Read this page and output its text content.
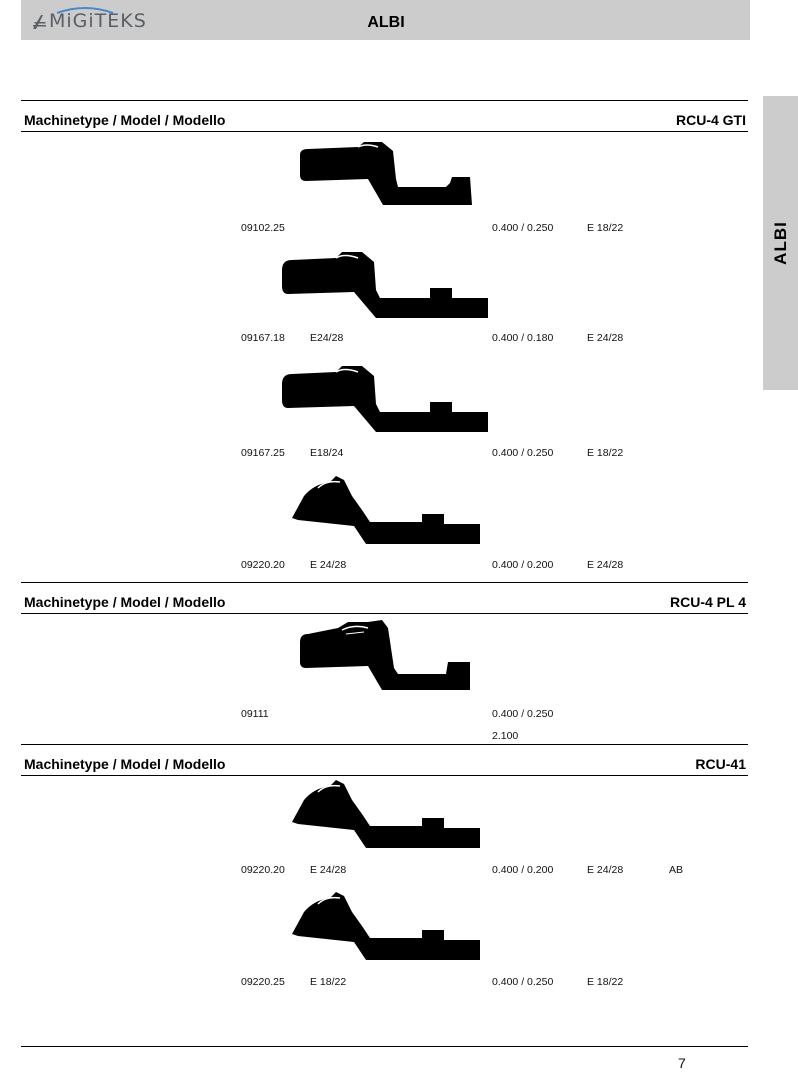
MiGiTEKS	ALBI
ALBI
Machinetype / Model / Modello	RCU-4 GTI
09102.25	0.400 / 0.250	E 18/22
09167.18 E24/28	0.400 / 0.180	E 24/28
09167.25 E18/24	0.400 / 0.250	E 18/22
09220.20 E 24/28	0.400 / 0.200	E 24/28
Machinetype / Model / Modello	RCU-4 PL 4
09111	0.400 / 0.250
2.100
Machinetype / Model / Modello	RCU-41
09220.20 E 24/28	0.400 / 0.200	E 24/28	AB
09220.25 E 18/22	0.400 / 0.250	E 18/22
7
